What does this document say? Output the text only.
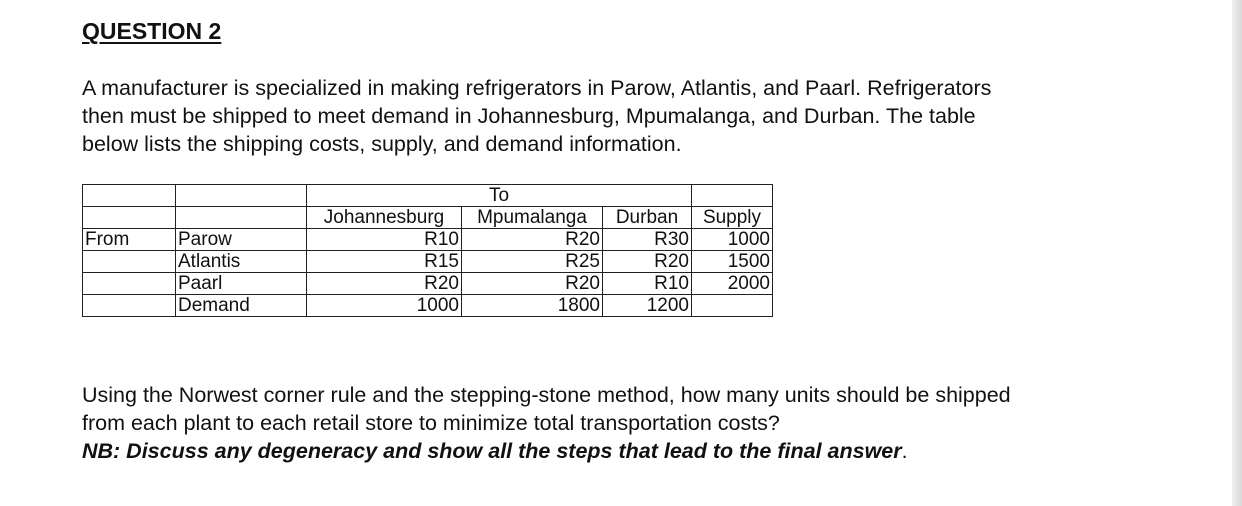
QUESTION 2

A manufacturer is specialized in making refrigerators in Parow, Atlantis, and Paarl. Refrigerators
then must be shipped to meet demand in Johannesburg, Mpumalanga, and Durban. The table
below lists the shipping costs, supply, and demand information.

		To			
		Johannesburg	Mpumalanga	Durban	Supply
From	Parow	R10	R20	R30	1000
	Atlantis	R15	R25	R20	1500
	Paarl	R20	R20	R10	2000
	Demand	1000	1800	1200	

Using the Norwest corner rule and the stepping-stone method, how many units should be shipped
from each plant to each retail store to minimize total transportation costs?
NB: Discuss any degeneracy and show all the steps that lead to the final answer.
